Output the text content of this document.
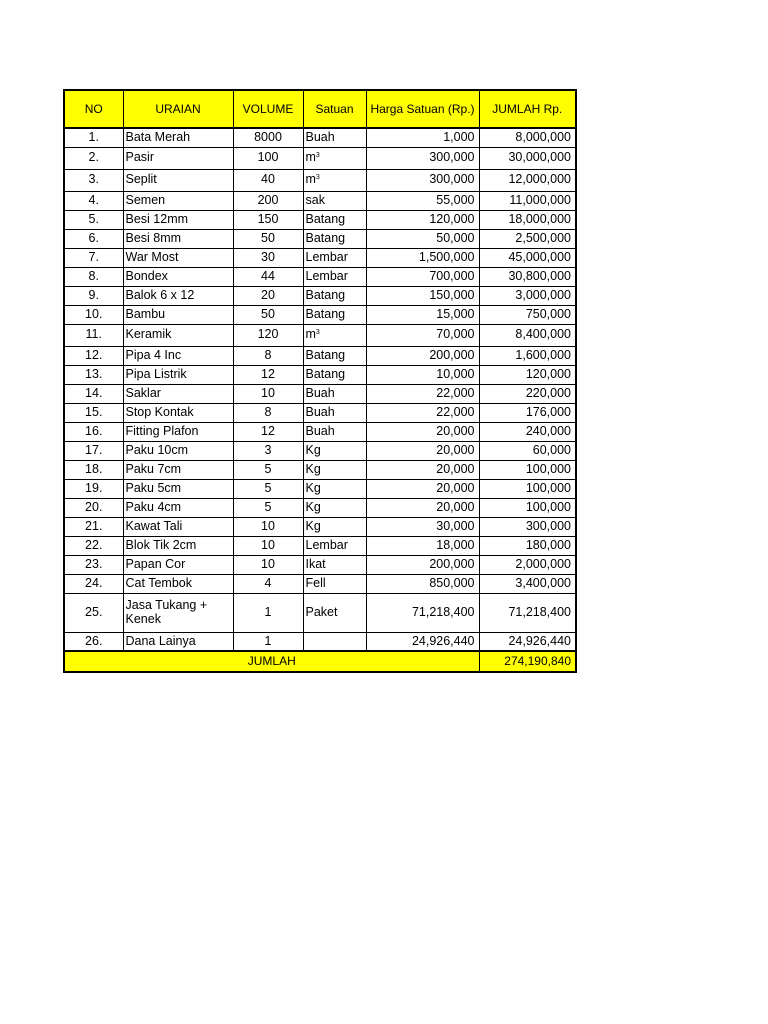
NO	URAIAN	VOLUME	Satuan	Harga Satuan (Rp.)	JUMLAH Rp.
1.	Bata Merah	8000	Buah	1,000	8,000,000
2.	Pasir	100	$m^3$	300,000	30,000,000
3.	Seplit	40	$m^3$	300,000	12,000,000
4.	Semen	200	sak	55,000	11,000,000
5.	Besi 12mm	150	Batang	120,000	18,000,000
6.	Besi 8mm	50	Batang	50,000	2,500,000
7.	War Most	30	Lembar	1,500,000	45,000,000
8.	Bondex	44	Lembar	700,000	30,800,000
9.	Balok 6 x 12	20	Batang	150,000	3,000,000
10.	Bambu	50	Batang	15,000	750,000
11.	Keramik	120	$m^3$	70,000	8,400,000
12.	Pipa 4 Inc	8	Batang	200,000	1,600,000
13.	Pipa Listrik	12	Batang	10,000	120,000
14.	Saklar	10	Buah	22,000	220,000
15.	Stop Kontak	8	Buah	22,000	176,000
16.	Fitting Plafon	12	Buah	20,000	240,000
17.	Paku 10cm	3	Kg	20,000	60,000
18.	Paku 7cm	5	Kg	20,000	100,000
19.	Paku 5cm	5	Kg	20,000	100,000
20.	Paku 4cm	5	Kg	20,000	100,000
21.	Kawat Tali	10	Kg	30,000	300,000
22.	Blok Tik 2cm	10	Lembar	18,000	180,000
23.	Papan Cor	10	Ikat	200,000	2,000,000
24.	Cat Tembok	4	Fell	850,000	3,400,000
25.	Jasa Tukang + Kenek	1	Paket	71,218,400	71,218,400
26.	Dana Lainya	1		24,926,440	24,926,440
JUMLAH					274,190,840
